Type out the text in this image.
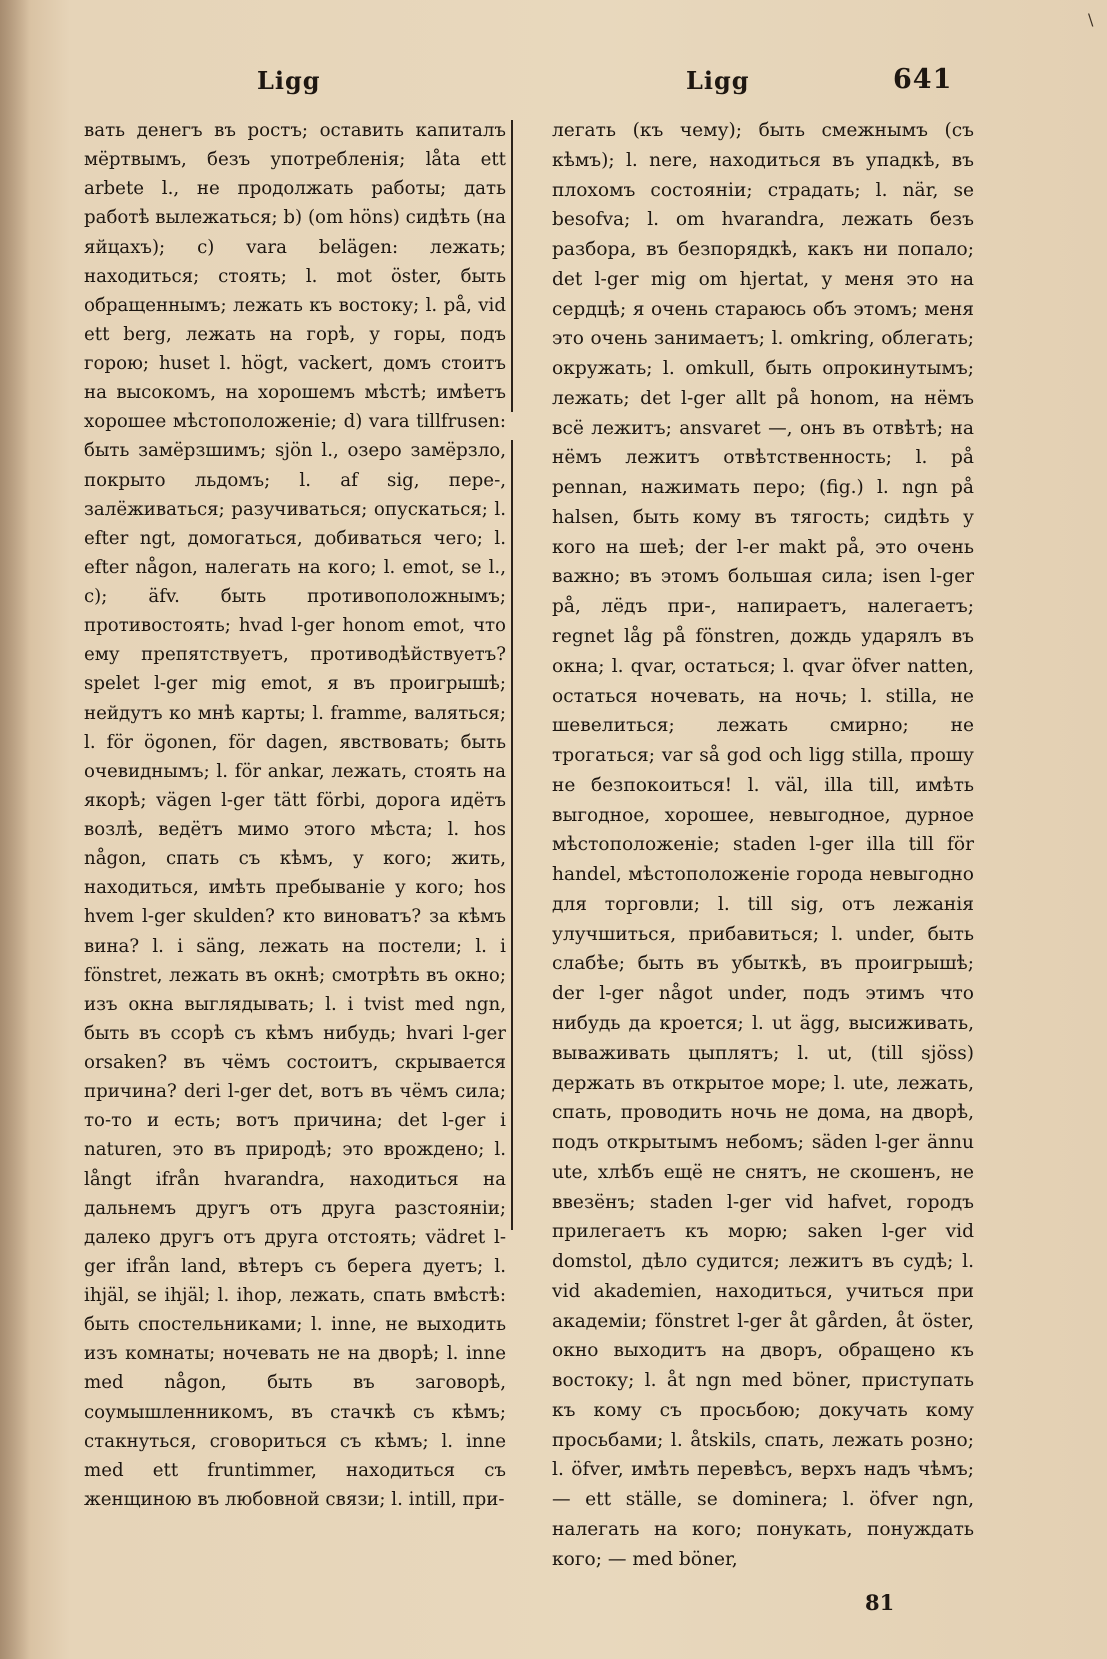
\
Ligg	Ligg	641

вать денегъ въ ростъ; оставить капиталъ мёртвымъ, безъ употребленія; låta ett arbete l., не продолжать работы; дать работѣ вылежаться; b) (om höns) сидѣть (на яйцахъ); c) vara belägen: лежать; находиться; стоять; l. mot öster, быть обращеннымъ; лежать къ востоку; l. på, vid ett berg, лежать на горѣ, у горы, подъ горою; huset l. högt, vackert, домъ стоитъ на высокомъ, на хорошемъ мѣстѣ; имѣетъ хорошее мѣстоположеніе; d) vara tillfrusen: быть замёрзшимъ; sjön l., озеро замёрзло, покрыто льдомъ; l. af sig, пере-, залёживаться; разучиваться; опускаться; l. efter ngt, домогаться, добиваться чего; l. efter någon, налегать на кого; l. emot, se l., c); äfv. быть противоположнымъ; противостоять; hvad l-ger honom emot, что ему препятствуетъ, противодѣйствуетъ? spelet l-ger mig emot, я въ проигрышѣ; нейдутъ ко мнѣ карты; l. framme, валяться; l. för ögonen, för dagen, явствовать; быть очевиднымъ; l. för ankar, лежать, стоять на якорѣ; vägen l-ger tätt förbi, дорога идётъ возлѣ, ведётъ мимо этого мѣста; l. hos någon, спать съ кѣмъ, у кого; жить, находиться, имѣть пребываніе у кого; hos hvem l-ger skulden? кто виноватъ? за кѣмъ вина? l. i säng, лежать на постели; l. i fönstret, лежать въ окнѣ; смотрѣть въ окно; изъ окна выглядывать; l. i tvist med ngn, быть въ ссорѣ съ кѣмъ нибудь; hvari l-ger orsaken? въ чёмъ состоитъ, скрывается причина? deri l-ger det, вотъ въ чёмъ сила; то-то и есть; вотъ причина; det l-ger i naturen, это въ природѣ; это врождено; l. långt ifrån hvarandra, находиться на дальнемъ другъ отъ друга разстояніи; далеко другъ отъ друга отстоять; vädret l-ger ifrån land, вѣтеръ съ берега дуетъ; l. ihjäl, se ihjäl; l. ihop, лежать, спать вмѣстѣ: быть спостельниками; l. inne, не выходить изъ комнаты; ночевать не на дворѣ; l. inne med någon, быть въ заговорѣ, соумышленникомъ, въ стачкѣ съ кѣмъ; стакнуться, сговориться съ кѣмъ; l. inne med ett fruntimmer, находиться съ женщиною въ любовной связи; l. intill, при-

легать (къ чему); быть смежнымъ (съ кѣмъ); l. nere, находиться въ упадкѣ, въ плохомъ состояніи; страдать; l. när, se besofva; l. om hvarandra, лежать безъ разбора, въ безпорядкѣ, какъ ни попало; det l-ger mig om hjertat, у меня это на сердцѣ; я очень стараюсь объ этомъ; меня это очень занимаетъ; l. omkring, облегать; окружать; l. omkull, быть опрокинутымъ; лежать; det l-ger allt på honom, на нёмъ всё лежитъ; ansvaret —, онъ въ отвѣтѣ; на нёмъ лежитъ отвѣтственность; l. på pennan, нажимать перо; (fig.) l. ngn på halsen, быть кому въ тягость; сидѣть у кого на шеѣ; der l-er makt på, это очень важно; въ этомъ большая сила; isen l-ger på, лёдъ при-, напираетъ, налегаетъ; regnet låg på fönstren, дождь ударялъ въ окна; l. qvar, остаться; l. qvar öfver natten, остаться ночевать, на ночь; l. stilla, не шевелиться; лежать смирно; не трогаться; var så god och ligg stilla, прошу не безпокоиться! l. väl, illa till, имѣть выгодное, хорошее, невыгодное, дурное мѣстоположеніе; staden l-ger illa till för handel, мѣстоположеніе города невыгодно для торговли; l. till sig, отъ лежанія улучшиться, прибавиться; l. under, быть слабѣе; быть въ убыткѣ, въ проигрышѣ; der l-ger något under, подъ этимъ что нибудь да кроется; l. ut ägg, высиживать, вываживать цыплятъ; l. ut, (till sjöss) держать въ открытое море; l. ute, лежать, спать, проводить ночь не дома, на дворѣ, подъ открытымъ небомъ; säden l-ger ännu ute, хлѣбъ ещё не снятъ, не скошенъ, не ввезёнъ; staden l-ger vid hafvet, городъ прилегаетъ къ морю; saken l-ger vid domstol, дѣло судится; лежитъ въ судѣ; l. vid akademien, находиться, учиться при академіи; fönstret l-ger åt gården, åt öster, окно выходитъ на дворъ, обращено къ востоку; l. åt ngn med böner, приступать къ кому съ просьбою; докучать кому просьбами; l. åtskils, спать, лежать розно; l. öfver, имѣть перевѣсъ, верхъ надъ чѣмъ; — ett ställe, se dominera; l. öfver ngn, налегать на кого; понукать, понуждать кого; — med böner,

81
